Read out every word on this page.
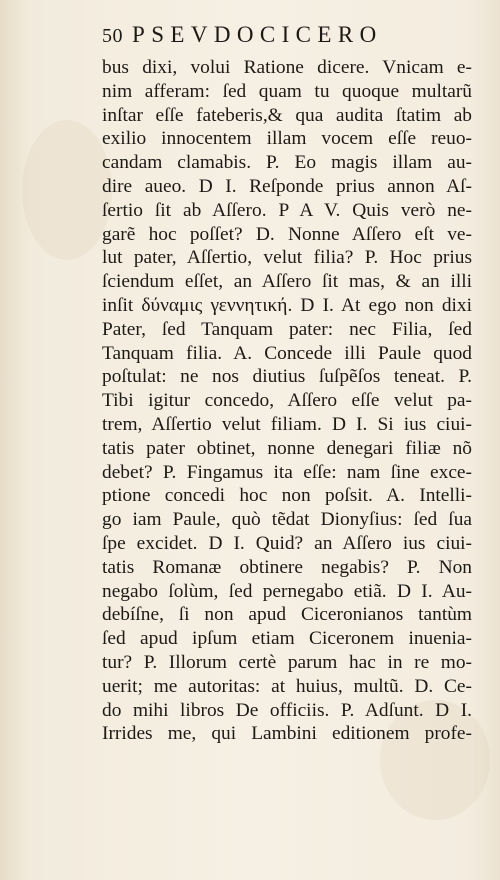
50 PSEVDOCICERO
bus dixi, volui Ratione dicere. Vnicam e-
nim afferam: ſed quam tu quoque multarũ
inſtar eſſe fateberis,& qua audita ſtatim ab
exilio innocentem illam vocem eſſe reuo-
candam clamabis. P. Eo magis illam au-
dire aueo. D I. Reſponde prius annon Aſ-
ſertio ſit ab Aſſero. P A V. Quis verò ne-
garẽ hoc poſſet? D. Nonne Aſſero eſt ve-
lut pater, Aſſertio, velut filia? P. Hoc prius
ſciendum eſſet, an Aſſero ſit mas, & an illi
inſit δύναμις γεννητική. D I. At ego non dixi
Pater, ſed Tanquam pater: nec Filia, ſed
Tanquam filia. A. Concede illi Paule quod
poſtulat: ne nos diutius ſuſpẽſos teneat. P.
Tibi igitur concedo, Aſſero eſſe velut pa-
trem, Aſſertio velut filiam. D I. Si ius ciui-
tatis pater obtinet, nonne denegari filiæ nõ
debet? P. Fingamus ita eſſe: nam ſine exce-
ptione concedi hoc non poſsit. A. Intelli-
go iam Paule, quò tẽdat Dionyſius: ſed ſua
ſpe excidet. D I. Quid? an Aſſero ius ciui-
tatis Romanæ obtinere negabis? P. Non
negabo ſolùm, ſed pernegabo etiã. D I. Au-
debíſne, ſi non apud Ciceronianos tantùm
ſed apud ipſum etiam Ciceronem inuenia-
tur? P. Illorum certè parum hac in re mo-
uerit; me autoritas: at huius, multũ. D. Ce-
do mihi libros De officiis. P. Adſunt. D I.
Irrides me, qui Lambini editionem profe-
